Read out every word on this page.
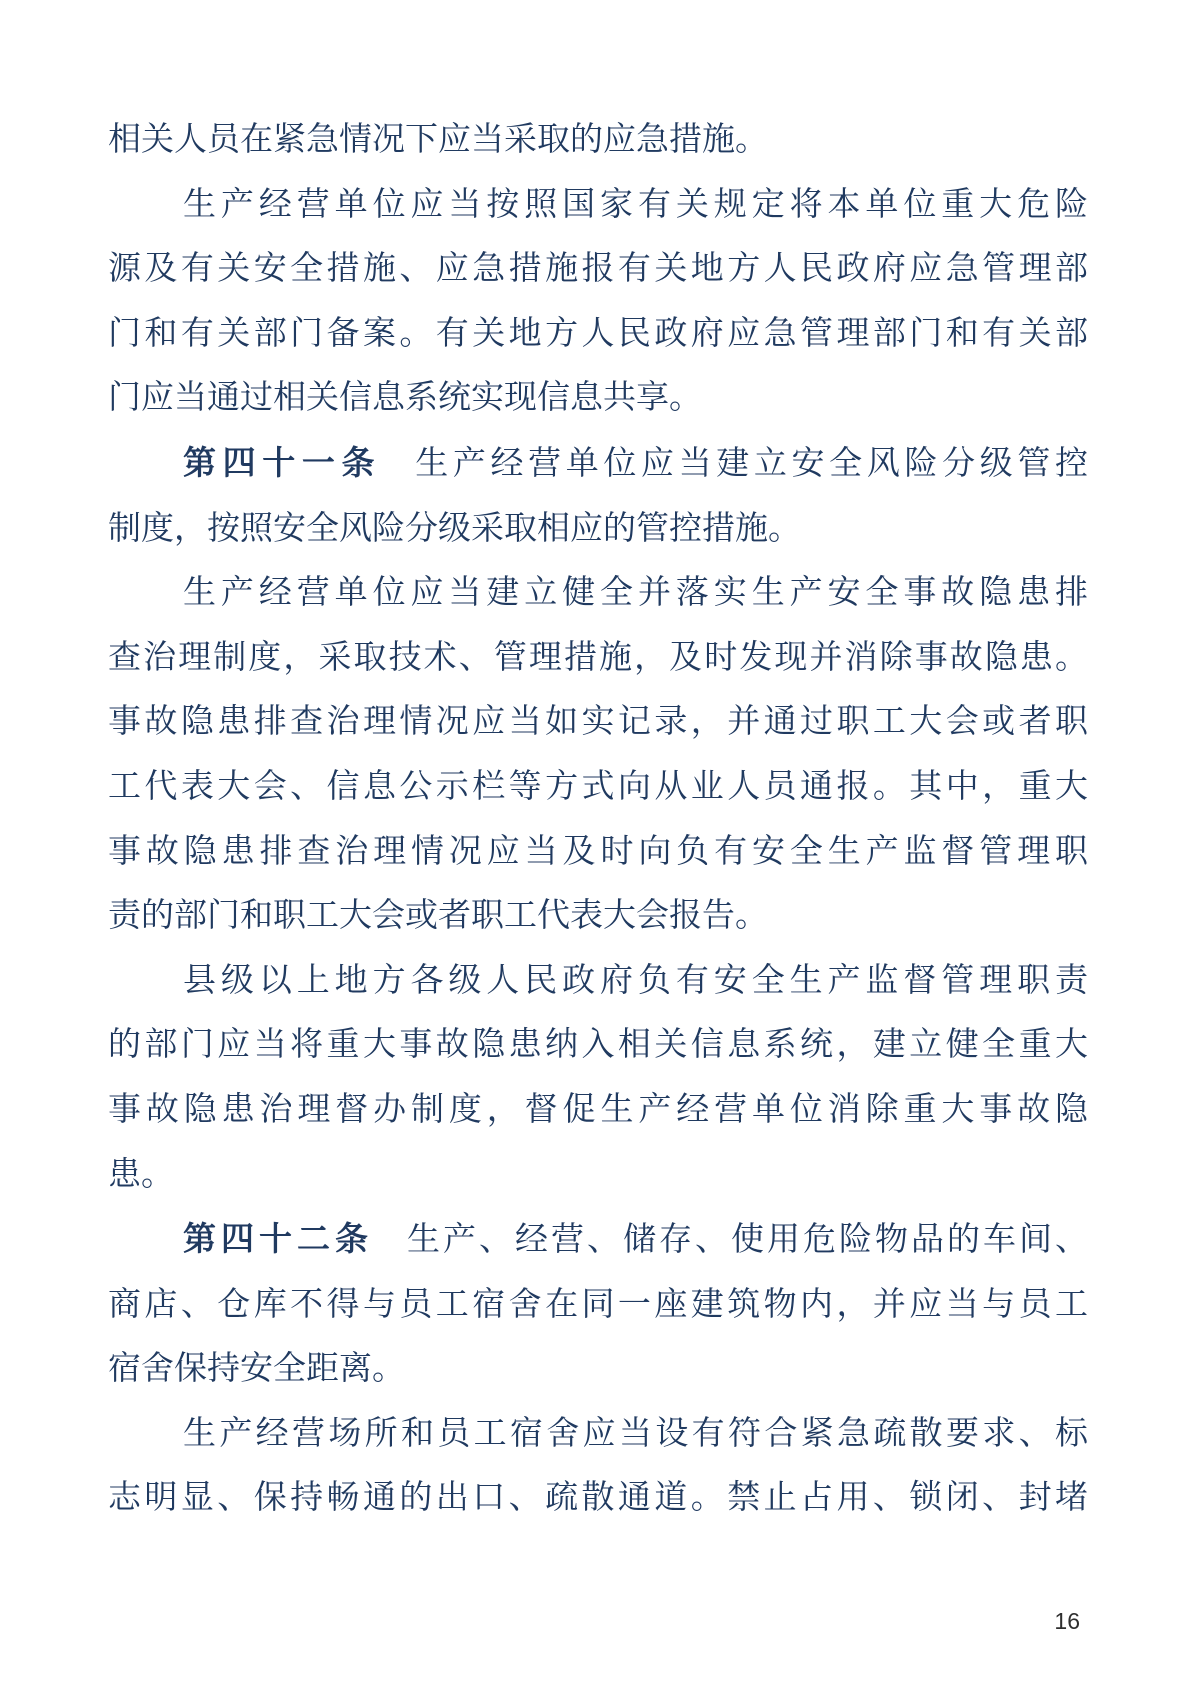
相关人员在紧急情况下应当采取的应急措施。

生产经营单位应当按照国家有关规定将本单位重大危险

源及有关安全措施、应急措施报有关地方人民政府应急管理部

门和有关部门备案。有关地方人民政府应急管理部门和有关部

门应当通过相关信息系统实现信息共享。

第四十一条 生产经营单位应当建立安全风险分级管控

制度，按照安全风险分级采取相应的管控措施。

生产经营单位应当建立健全并落实生产安全事故隐患排

查治理制度，采取技术、管理措施，及时发现并消除事故隐患。

事故隐患排查治理情况应当如实记录，并通过职工大会或者职

工代表大会、信息公示栏等方式向从业人员通报。其中，重大

事故隐患排查治理情况应当及时向负有安全生产监督管理职

责的部门和职工大会或者职工代表大会报告。

县级以上地方各级人民政府负有安全生产监督管理职责

的部门应当将重大事故隐患纳入相关信息系统，建立健全重大

事故隐患治理督办制度，督促生产经营单位消除重大事故隐

患。

第四十二条 生产、经营、储存、使用危险物品的车间、

商店、仓库不得与员工宿舍在同一座建筑物内，并应当与员工

宿舍保持安全距离。

生产经营场所和员工宿舍应当设有符合紧急疏散要求、标

志明显、保持畅通的出口、疏散通道。禁止占用、锁闭、封堵

16
